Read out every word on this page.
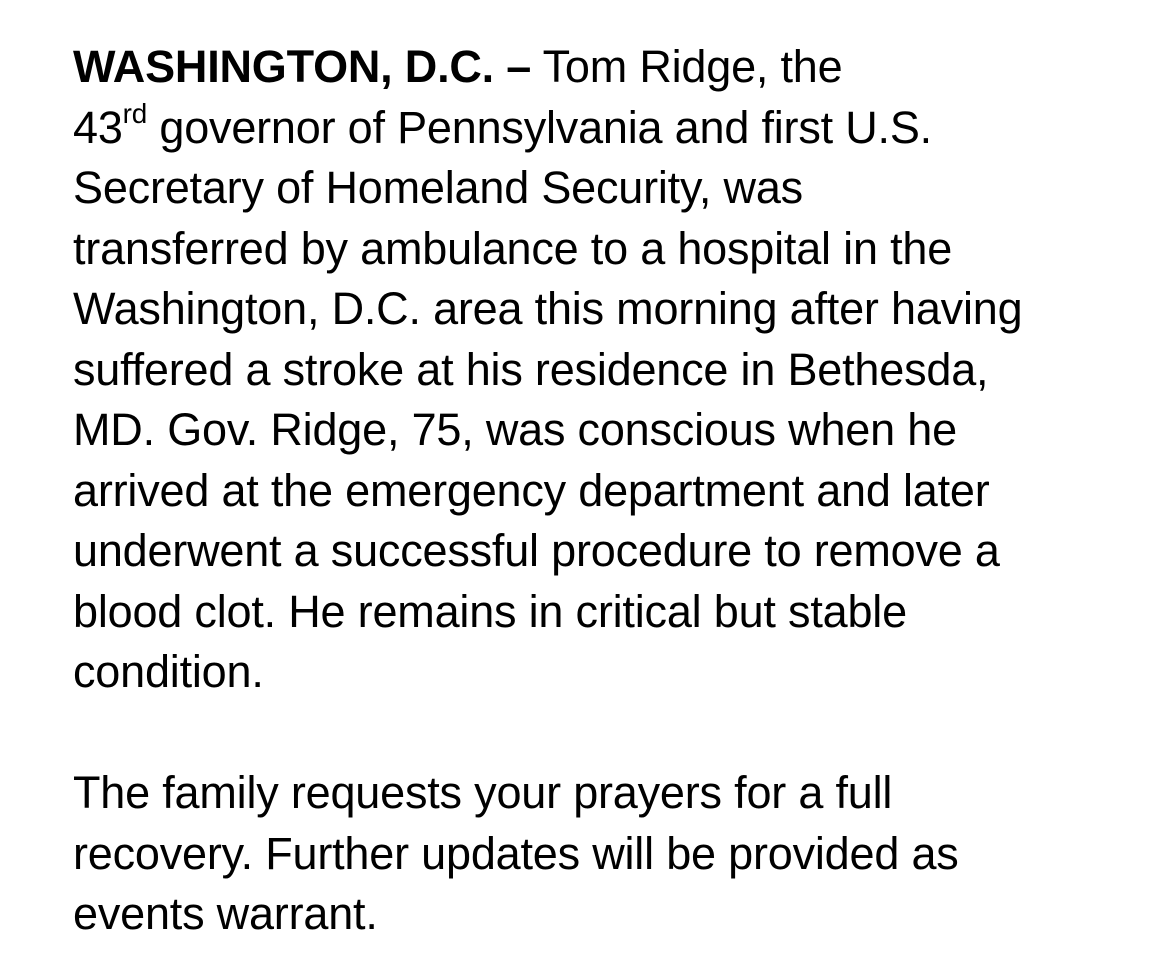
WASHINGTON, D.C. – Tom Ridge, the
43rd governor of Pennsylvania and first U.S.
Secretary of Homeland Security, was
transferred by ambulance to a hospital in the
Washington, D.C. area this morning after having
suffered a stroke at his residence in Bethesda,
MD. Gov. Ridge, 75, was conscious when he
arrived at the emergency department and later
underwent a successful procedure to remove a
blood clot. He remains in critical but stable
condition.
The family requests your prayers for a full
recovery. Further updates will be provided as
events warrant.
